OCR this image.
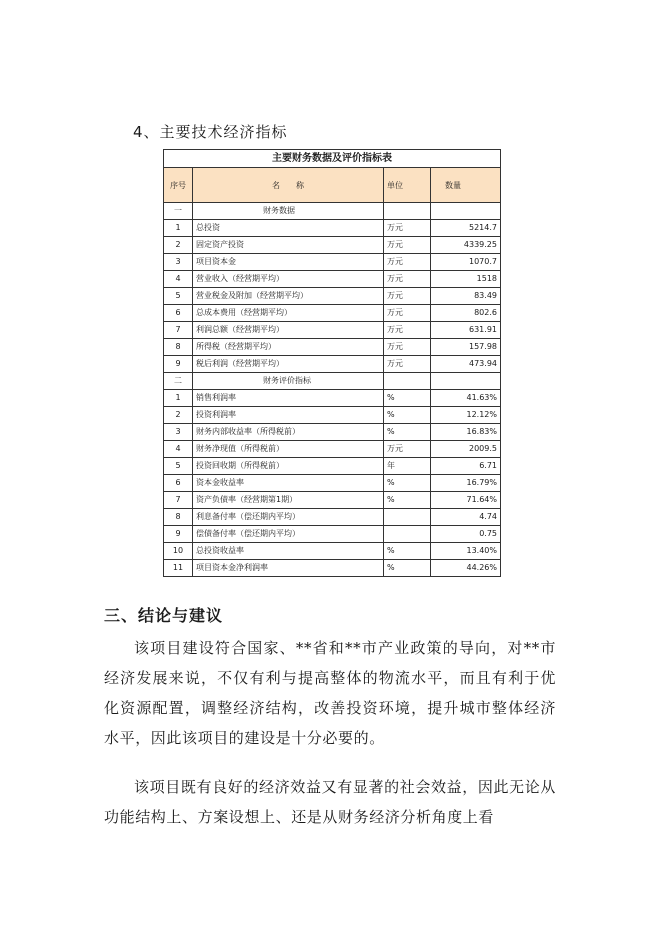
4、主要技术经济指标
主要财务数据及评价指标表
序号	名　　称	单位	数量
一	财务数据		
1	总投资	万元	5214.7
2	固定资产投资	万元	4339.25
3	项目资本金	万元	1070.7
4	营业收入（经营期平均）	万元	1518
5	营业税金及附加（经营期平均）	万元	83.49
6	总成本费用（经营期平均）	万元	802.6
7	利润总额（经营期平均）	万元	631.91
8	所得税（经营期平均）	万元	157.98
9	税后利润（经营期平均）	万元	473.94
二	财务评价指标		
1	销售利润率	%	41.63%
2	投资利润率	%	12.12%
3	财务内部收益率（所得税前）	%	16.83%
4	财务净现值（所得税前）	万元	2009.5
5	投资回收期（所得税前）	年	6.71
6	资本金收益率	%	16.79%
7	资产负债率（经营期第1期）	%	71.64%
8	利息备付率（偿还期内平均）		4.74
9	偿债备付率（偿还期内平均）		0.75
10	总投资收益率	%	13.40%
11	项目资本金净利润率	%	44.26%
三、结论与建议
该项目建设符合国家、**省和**市产业政策的导向，对**市经济发展来说，不仅有利与提高整体的物流水平，而且有利于优化资源配置，调整经济结构，改善投资环境，提升城市整体经济水平，因此该项目的建设是十分必要的。
该项目既有良好的经济效益又有显著的社会效益，因此无论从功能结构上、方案设想上、还是从财务经济分析角度上看
